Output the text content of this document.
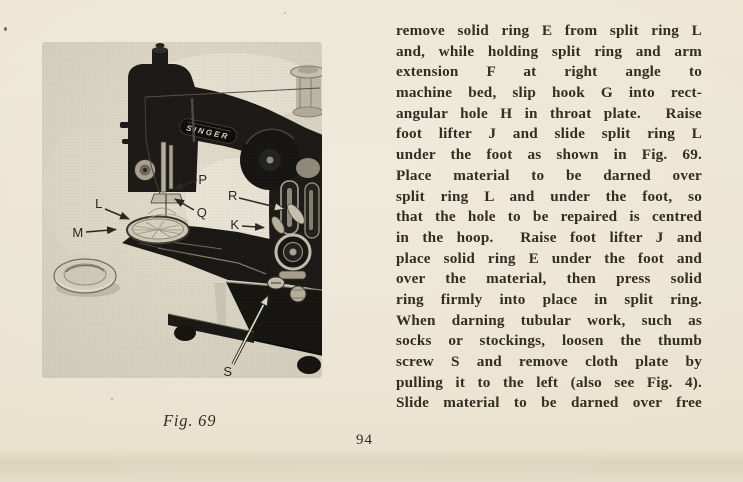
L
M
P
Q
R
K
S
Fig. 69
remove solid ring E from split ring L
and, while holding split ring and arm
extension F at right angle to
machine bed, slip hook G into rect-
angular hole H in throat plate.  Raise
foot lifter J and slide split ring L
under the foot as shown in Fig. 69.
Place material to be darned over
split ring L and under the foot, so
that the hole to be repaired is centred
in the hoop.  Raise foot lifter J and
place solid ring E under the foot and
over the material, then press solid
ring firmly into place in split ring.
When darning tubular work, such as
socks or stockings, loosen the thumb
screw S and remove cloth plate by
pulling it to the left (also see Fig. 4).
Slide material to be darned over free
94
